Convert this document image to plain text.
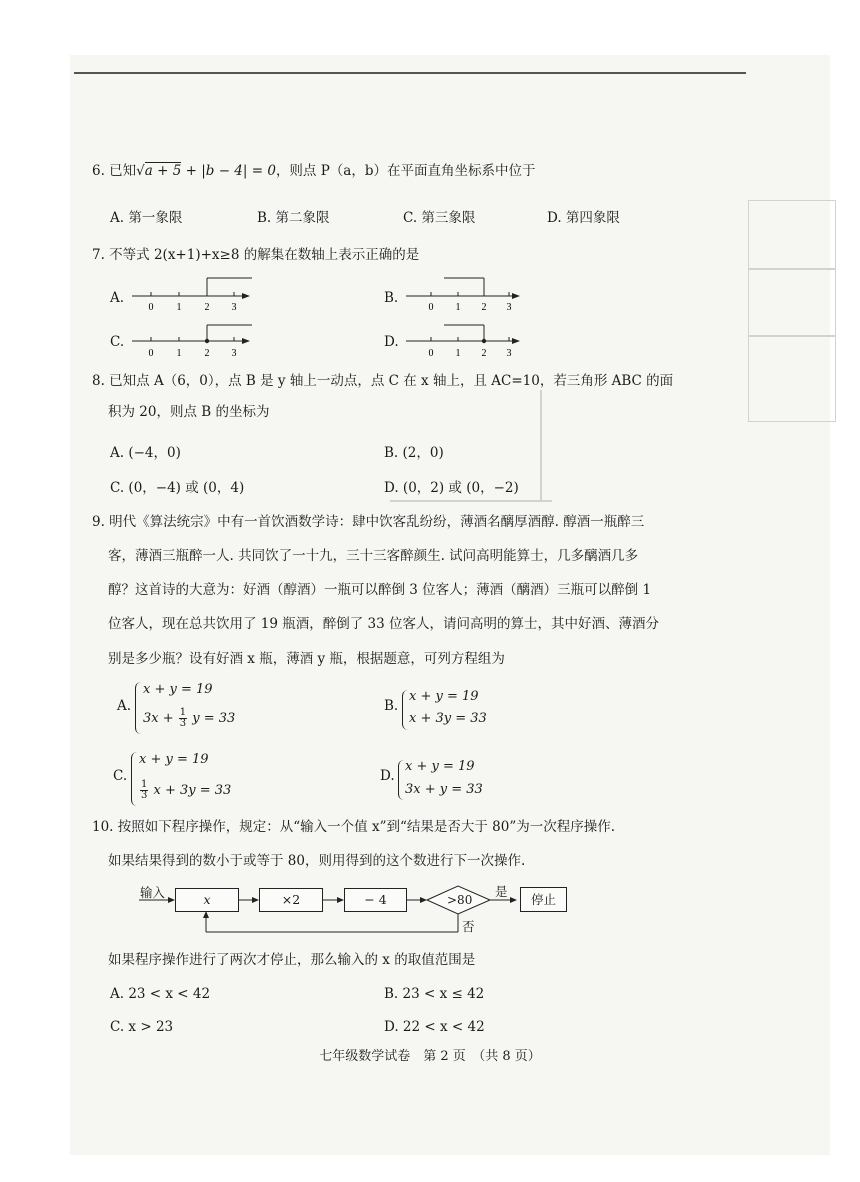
6. 已知√a + 5 + |b − 4| = 0，则点 P（a，b）在平面直角坐标系中位于
A. 第一象限	B. 第二象限	C. 第三象限	D. 第四象限
7. 不等式 2(x+1)+x≥8 的解集在数轴上表示正确的是
A.
0 1 2 3
B.
0 1 2 3
C.
0 1 2 3
D.
0 1 2 3
8. 已知点 A（6，0），点 B 是 y 轴上一动点，点 C 在 x 轴上，且 AC=10，若三角形 ABC 的面
积为 20，则点 B 的坐标为
A. (−4，0)	B. (2，0)
C. (0，−4) 或 (0，4)	D. (0，2) 或 (0，−2)
9. 明代《算法统宗》中有一首饮酒数学诗：肆中饮客乱纷纷，薄酒名醨厚酒醇. 醇酒一瓶醉三
客，薄酒三瓶醉一人. 共同饮了一十九，三十三客醉颜生. 试问高明能算士，几多醨酒几多
醇？这首诗的大意为：好酒（醇酒）一瓶可以醉倒 3 位客人；薄酒（醨酒）三瓶可以醉倒 1
位客人，现在总共饮用了 19 瓶酒，醉倒了 33 位客人，请问高明的算士，其中好酒、薄酒分
别是多少瓶？设有好酒 x 瓶，薄酒 y 瓶，根据题意，可列方程组为
A.
x + y = 19
$3x + \frac{1}{3}$ y = 33
B.
x + y = 19
x + 3y = 33
C.
x + y = 19
$\frac{1}{3}$ x + 3y = 33
D.
x + y = 19
3x + y = 33
10. 按照如下程序操作，规定：从“输入一个值 x”到“结果是否大于 80”为一次程序操作.
如果结果得到的数小于或等于 80，则用得到的这个数进行下一次操作.
输入	x	×2	− 4	>80
是
否
停止
如果程序操作进行了两次才停止，那么输入的 x 的取值范围是
A. 23 < x < 42	B. 23 < x ≤ 42
C. x > 23	D. 22 < x < 42
七年级数学试卷　第 2 页　（共 8 页）
